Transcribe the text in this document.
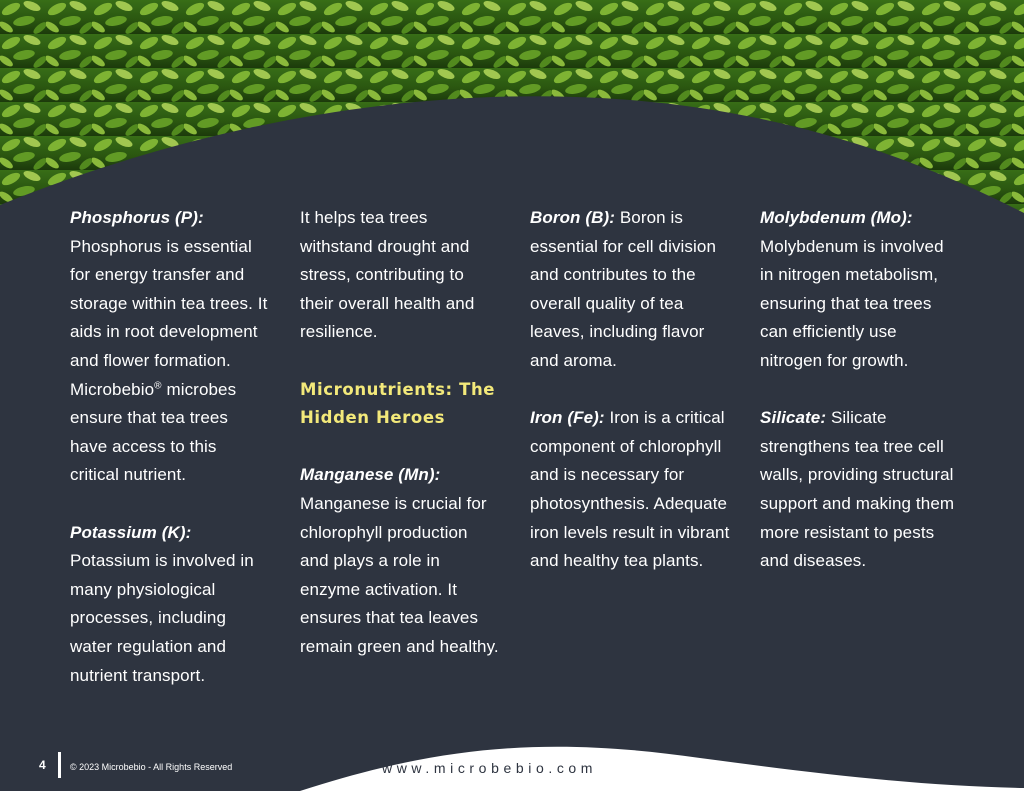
Phosphorus (P):
Phosphorus is essential for energy transfer and storage within tea trees. It aids in root development and flower formation. Microbebio® microbes ensure that tea trees have access to this critical nutrient.

Potassium (K):
Potassium is involved in many physiological processes, including water regulation and nutrient transport.

It helps tea trees withstand drought and stress, contributing to their overall health and resilience.

Micronutrients: The Hidden Heroes

Manganese (Mn):
Manganese is crucial for chlorophyll production and plays a role in enzyme activation. It ensures that tea leaves remain green and healthy.

Boron (B): Boron is essential for cell division and contributes to the overall quality of tea leaves, including flavor and aroma.

Iron (Fe): Iron is a critical component of chlorophyll and is necessary for photosynthesis. Adequate iron levels result in vibrant and healthy tea plants.

Molybdenum (Mo):
Molybdenum is involved in nitrogen metabolism, ensuring that tea trees can efficiently use nitrogen for growth.

Silicate: Silicate strengthens tea tree cell walls, providing structural support and making them more resistant to pests and diseases.

4	© 2023 Microbebio - All Rights Reserved	www.microbebio.com
